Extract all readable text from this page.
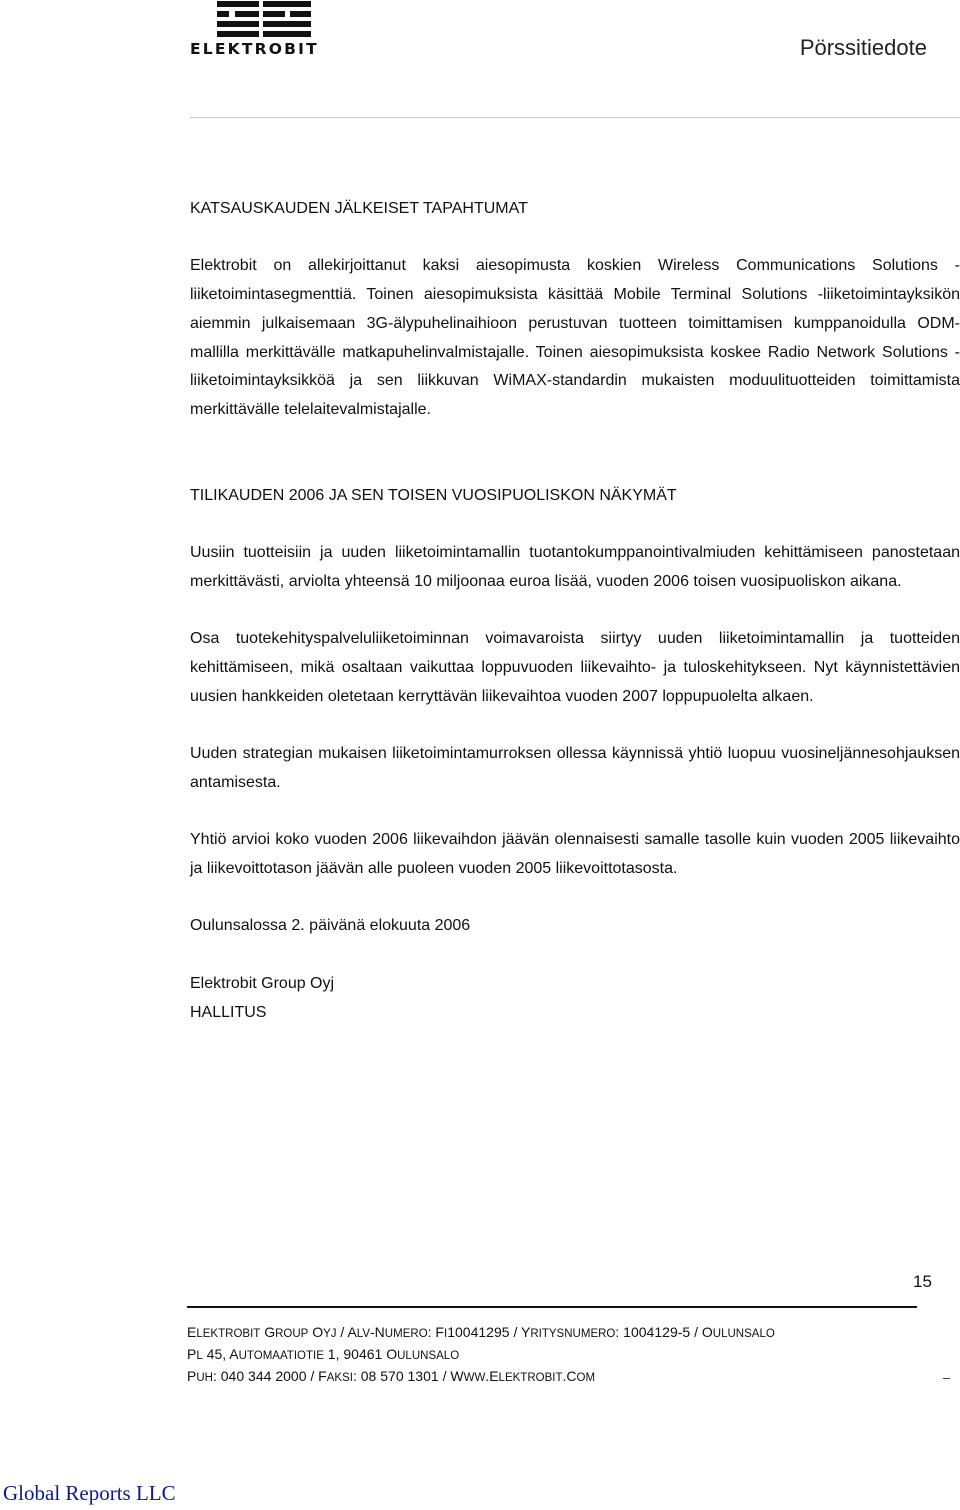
ELEKTROBIT	Pörssitiedote
KATSAUSKAUDEN JÄLKEISET TAPAHTUMAT

Elektrobit on allekirjoittanut kaksi aiesopimusta koskien Wireless Communications Solutions -liiketoimintasegmenttiä. Toinen aiesopimuksista käsittää Mobile Terminal Solutions -liiketoimintayksikön aiemmin julkaisemaan 3G-älypuhelinaihioon perustuvan tuotteen toimittamisen kumppanoidulla ODM-mallilla merkittävälle matkapuhelinvalmistajalle. Toinen aiesopimuksista koskee Radio Network Solutions -liiketoimintayksikköä ja sen liikkuvan WiMAX-standardin mukaisten moduulituotteiden toimittamista merkittävälle telelaitevalmistajalle.

TILIKAUDEN 2006 JA SEN TOISEN VUOSIPUOLISKON NÄKYMÄT

Uusiin tuotteisiin ja uuden liiketoimintamallin tuotantokumppanointivalmiuden kehittämiseen panostetaan merkittävästi, arviolta yhteensä 10 miljoonaa euroa lisää, vuoden 2006 toisen vuosipuoliskon aikana.

Osa tuotekehityspalveluliiketoiminnan voimavaroista siirtyy uuden liiketoimintamallin ja tuotteiden kehittämiseen, mikä osaltaan vaikuttaa loppuvuoden liikevaihto- ja tuloskehitykseen. Nyt käynnistettävien uusien hankkeiden oletetaan kerryttävän liikevaihtoa vuoden 2007 loppupuolelta alkaen.

Uuden strategian mukaisen liiketoimintamurroksen ollessa käynnissä yhtiö luopuu vuosineljännesohjauksen antamisesta.

Yhtiö arvioi koko vuoden 2006 liikevaihdon jäävän olennaisesti samalle tasolle kuin vuoden 2005 liikevaihto ja liikevoittotason jäävän alle puoleen vuoden 2005 liikevoittotasosta.

Oulunsalossa 2. päivänä elokuuta 2006

Elektrobit Group Oyj

HALLITUS

15
ELEKTROBIT GROUP OYJ / ALV-NUMERO: FI10041295 / YRITYSNUMERO: 1004129-5 / OULUNSALO
PL 45, AUTOMAATIOTIE 1, 90461 OULUNSALO
PUH: 040 344 2000 / FAKSI: 08 570 1301 / WWW.ELEKTROBIT.COM
Global Reports LLC
